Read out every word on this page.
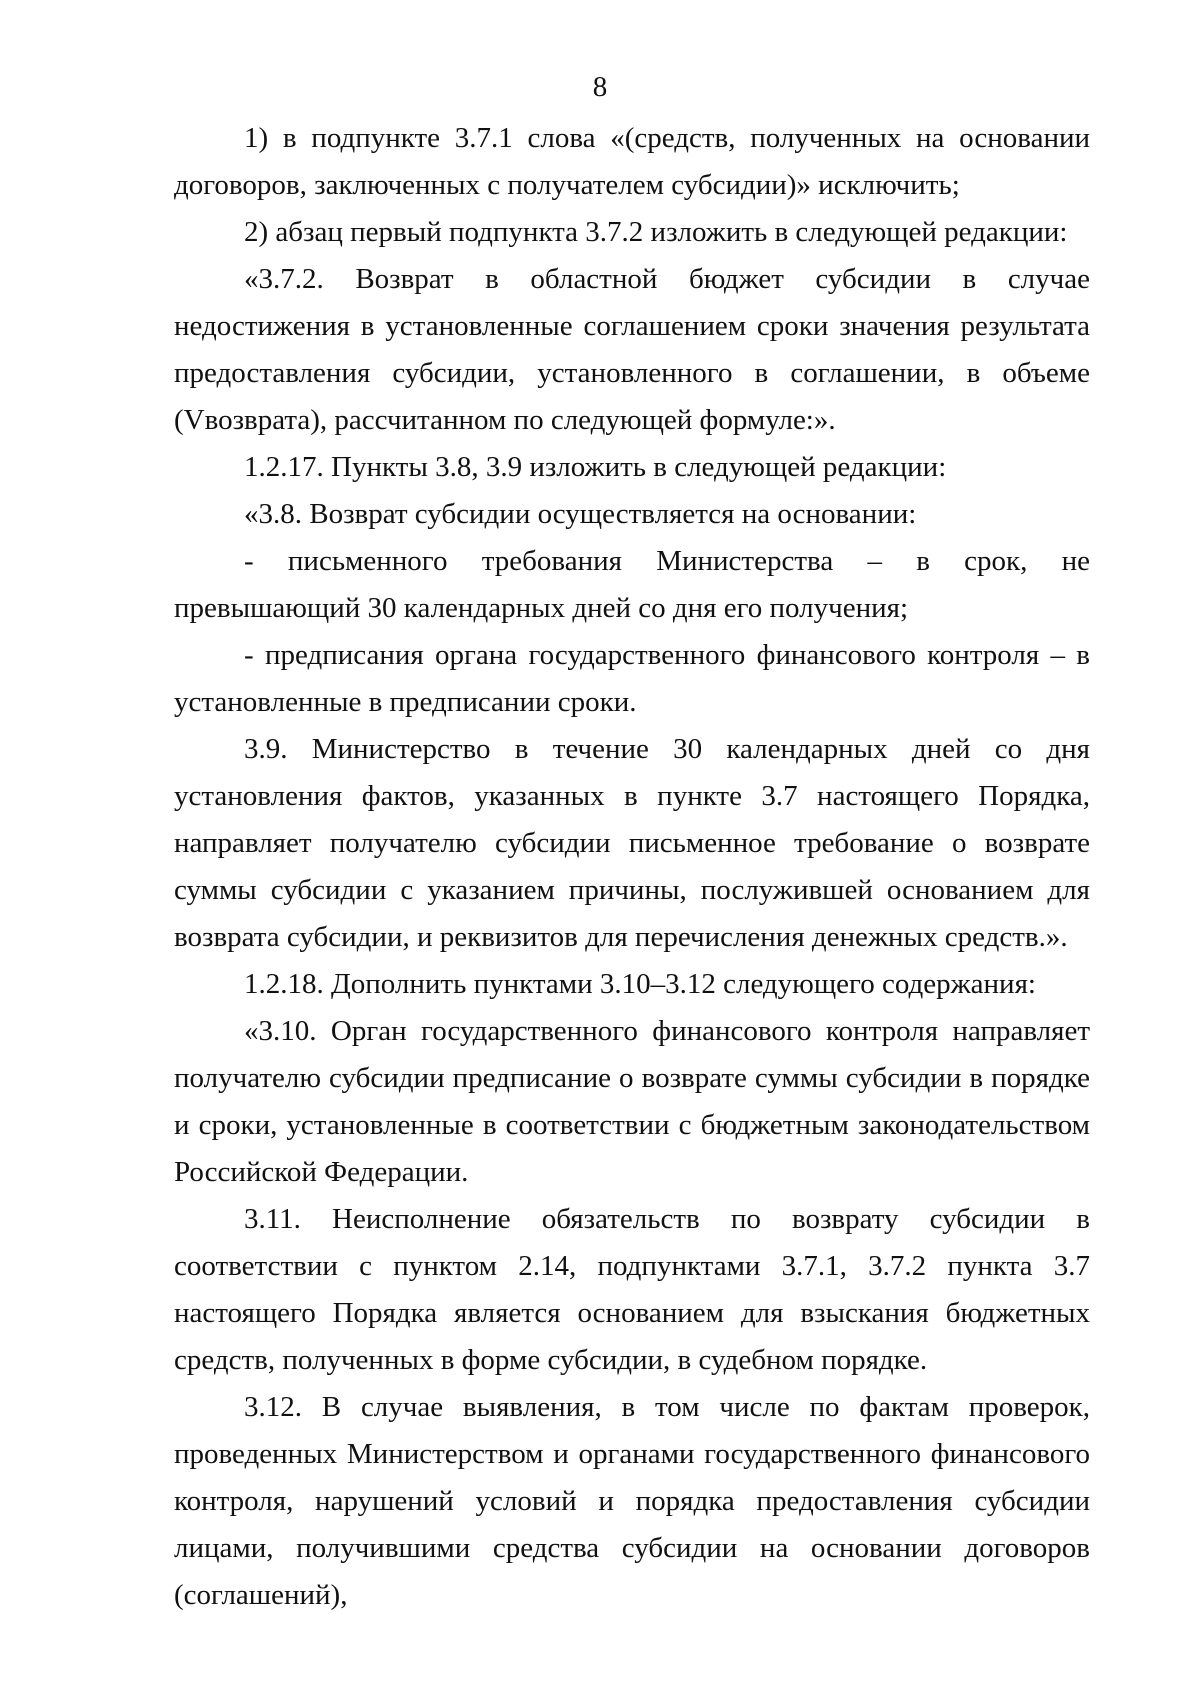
8

1) в подпункте 3.7.1 слова «(средств, полученных на основании договоров, заключенных с получателем субсидии)» исключить;

2) абзац первый подпункта 3.7.2 изложить в следующей редакции:

«3.7.2. Возврат в областной бюджет субсидии в случае недостижения в установленные соглашением сроки значения результата предоставления субсидии, установленного в соглашении, в объеме (Vвозврата), рассчитанном по следующей формуле:».

1.2.17. Пункты 3.8, 3.9 изложить в следующей редакции:

«3.8. Возврат субсидии осуществляется на основании:

- письменного требования Министерства – в срок, не превышающий 30 календарных дней со дня его получения;

- предписания органа государственного финансового контроля – в установленные в предписании сроки.

3.9. Министерство в течение 30 календарных дней со дня установления фактов, указанных в пункте 3.7 настоящего Порядка, направляет получателю субсидии письменное требование о возврате суммы субсидии с указанием причины, послужившей основанием для возврата субсидии, и реквизитов для перечисления денежных средств.».

1.2.18. Дополнить пунктами 3.10–3.12 следующего содержания:

«3.10. Орган государственного финансового контроля направляет получателю субсидии предписание о возврате суммы субсидии в порядке и сроки, установленные в соответствии с бюджетным законодательством Российской Федерации.

3.11. Неисполнение обязательств по возврату субсидии в соответствии с пунктом 2.14, подпунктами 3.7.1, 3.7.2 пункта 3.7 настоящего Порядка является основанием для взыскания бюджетных средств, полученных в форме субсидии, в судебном порядке.

3.12. В случае выявления, в том числе по фактам проверок, проведенных Министерством и органами государственного финансового контроля, нарушений условий и порядка предоставления субсидии лицами, получившими средства субсидии на основании договоров (соглашений),
